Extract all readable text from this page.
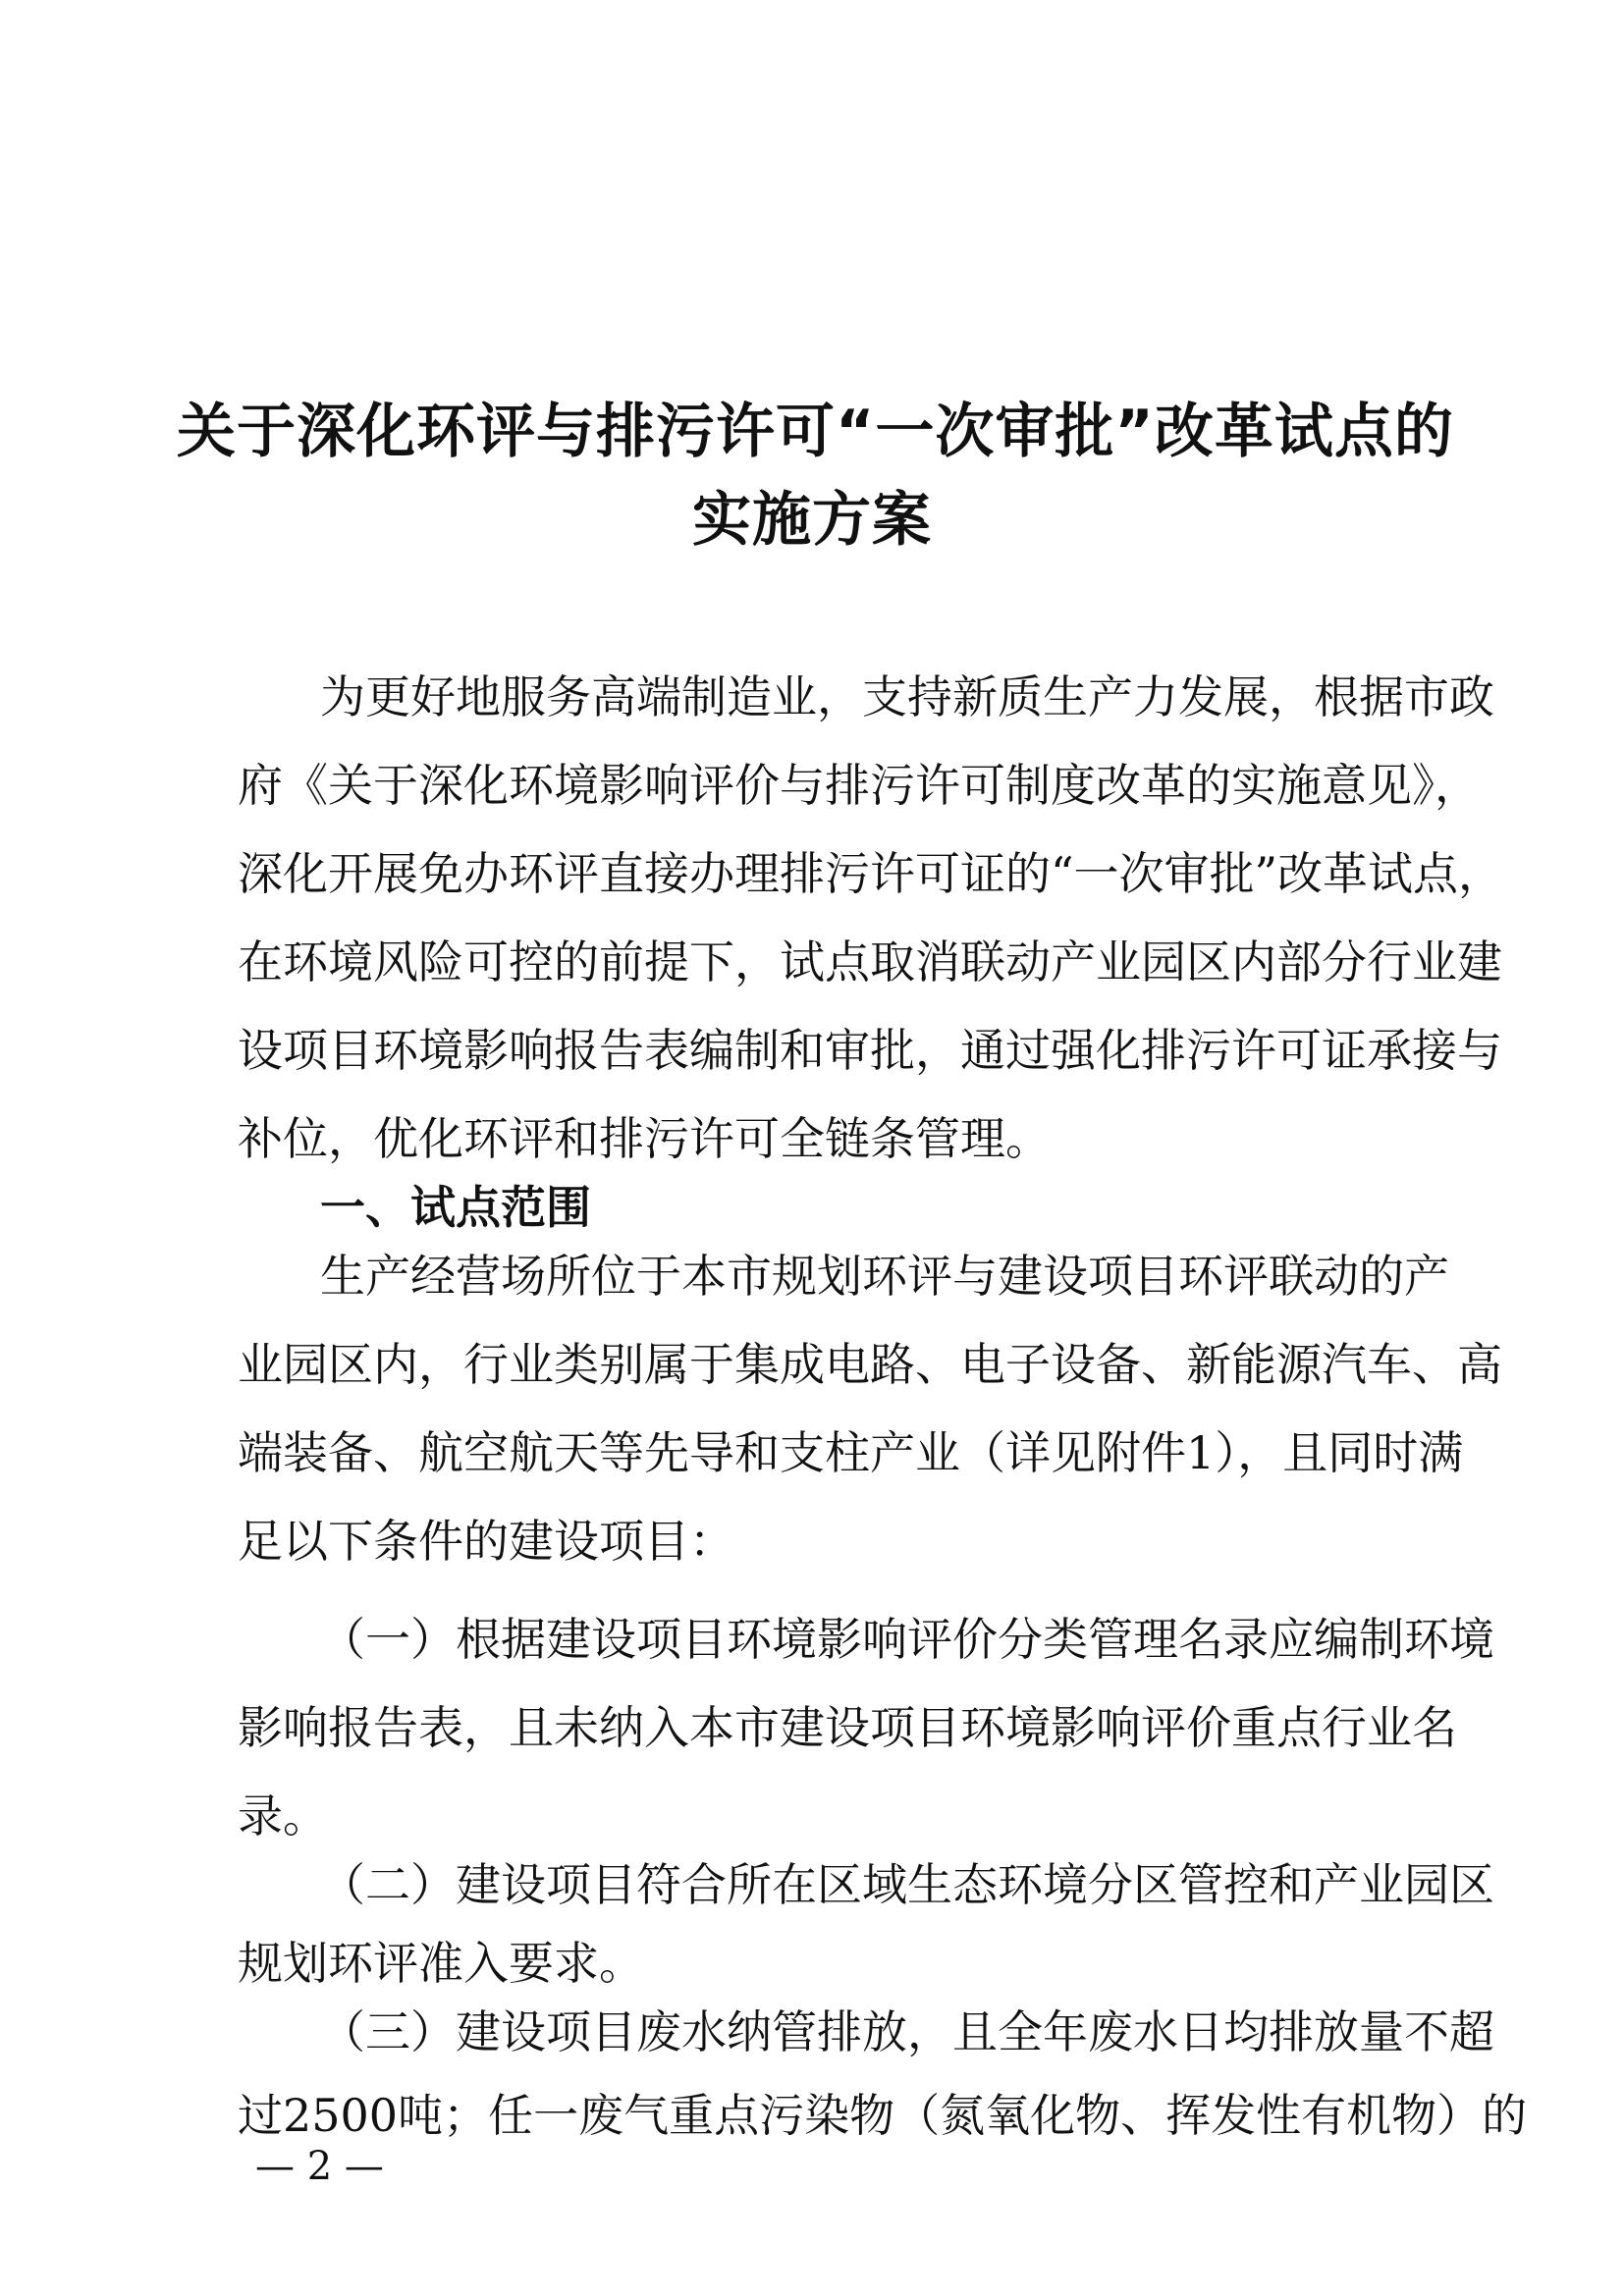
关于深化环评与排污许可“一次审批”改革试点的
实施方案
为更好地服务高端制造业，支持新质生产力发展，根据市政
府《关于深化环境影响评价与排污许可制度改革的实施意见》，
深化开展免办环评直接办理排污许可证的“一次审批”改革试点，
在环境风险可控的前提下，试点取消联动产业园区内部分行业建
设项目环境影响报告表编制和审批，通过强化排污许可证承接与
补位，优化环评和排污许可全链条管理。
一、试点范围
生产经营场所位于本市规划环评与建设项目环评联动的产
业园区内，行业类别属于集成电路、电子设备、新能源汽车、高
端装备、航空航天等先导和支柱产业（详见附件1），且同时满
足以下条件的建设项目：
（一）根据建设项目环境影响评价分类管理名录应编制环境
影响报告表，且未纳入本市建设项目环境影响评价重点行业名
录。
（二）建设项目符合所在区域生态环境分区管控和产业园区
规划环评准入要求。
（三）建设项目废水纳管排放，且全年废水日均排放量不超
过2500吨；任一废气重点污染物（氮氧化物、挥发性有机物）的
— 2 —
